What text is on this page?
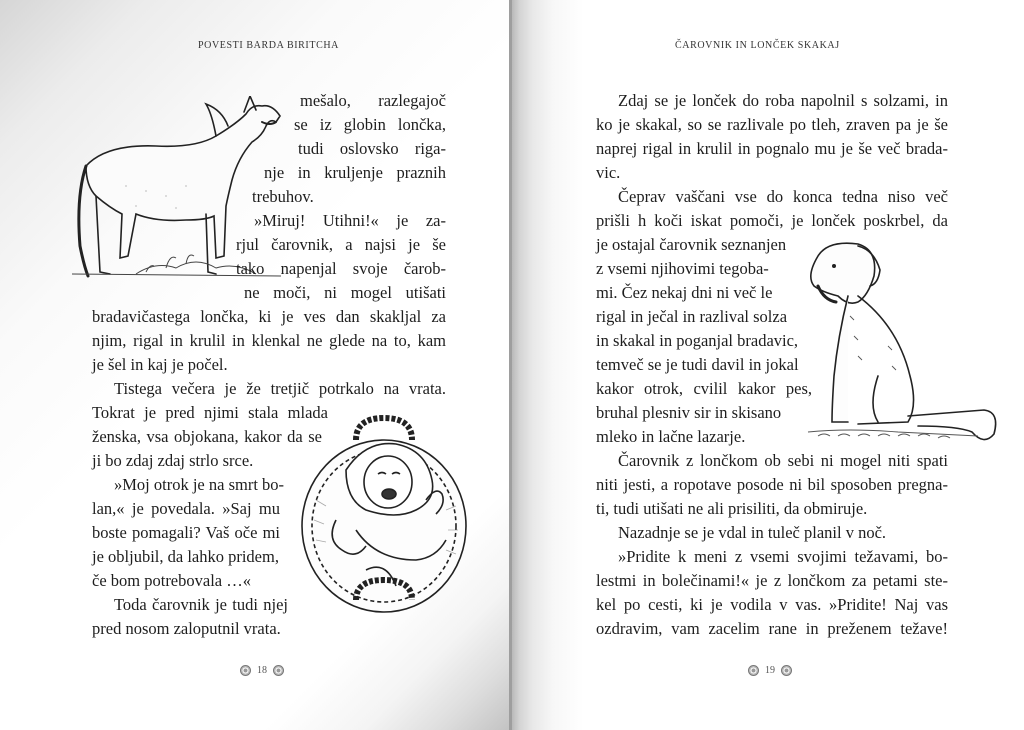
POVESTI BARDA BIRITCHA
mešalo, razlegajoč
se iz globin lončka,
tudi oslovsko riga-
nje in kruljenje praznih
trebuhov.
»Miruj! Utihni!« je za-
rjul čarovnik, a najsi je še
tako napenjal svoje čarob-
ne moči, ni mogel utišati
bradavičastega lončka, ki je ves dan skakljal za
njim, rigal in krulil in klenkal ne glede na to, kam
je šel in kaj je počel.
Tistega večera je že tretjič potrkalo na vrata.
Tokrat je pred njimi stala mlada
ženska, vsa objokana, kakor da se
ji bo zdaj zdaj strlo srce.
»Moj otrok je na smrt bo-
lan,« je povedala. »Saj mu
boste pomagali? Vaš oče mi
je obljubil, da lahko pridem,
če bom potrebovala …«
Toda čarovnik je tudi njej
pred nosom zaloputnil vrata.
18
ČAROVNIK IN LONČEK SKAKAJ
Zdaj se je lonček do roba napolnil s solzami, in
ko je skakal, so se razlivale po tleh, zraven pa je še
naprej rigal in krulil in pognalo mu je še več brada-
vic.
Čeprav vaščani vse do konca tedna niso več
prišli h koči iskat pomoči, je lonček poskrbel, da
je ostajal čarovnik seznanjen
z vsemi njihovimi tegoba-
mi. Čez nekaj dni ni več le
rigal in ječal in razlival solza
in skakal in poganjal bradavic,
temveč se je tudi davil in jokal
kakor otrok, cvilil kakor pes,
bruhal plesniv sir in skisano
mleko in lačne lazarje.
Čarovnik z lončkom ob sebi ni mogel niti spati
niti jesti, a ropotave posode ni bil sposoben pregna-
ti, tudi utišati ne ali prisiliti, da obmiruje.
Nazadnje se je vdal in tuleč planil v noč.
»Pridite k meni z vsemi svojimi težavami, bo-
lestmi in bolečinami!« je z lončkom za petami ste-
kel po cesti, ki je vodila v vas. »Pridite! Naj vas
ozdravim, vam zacelim rane in preženem težave!
19
